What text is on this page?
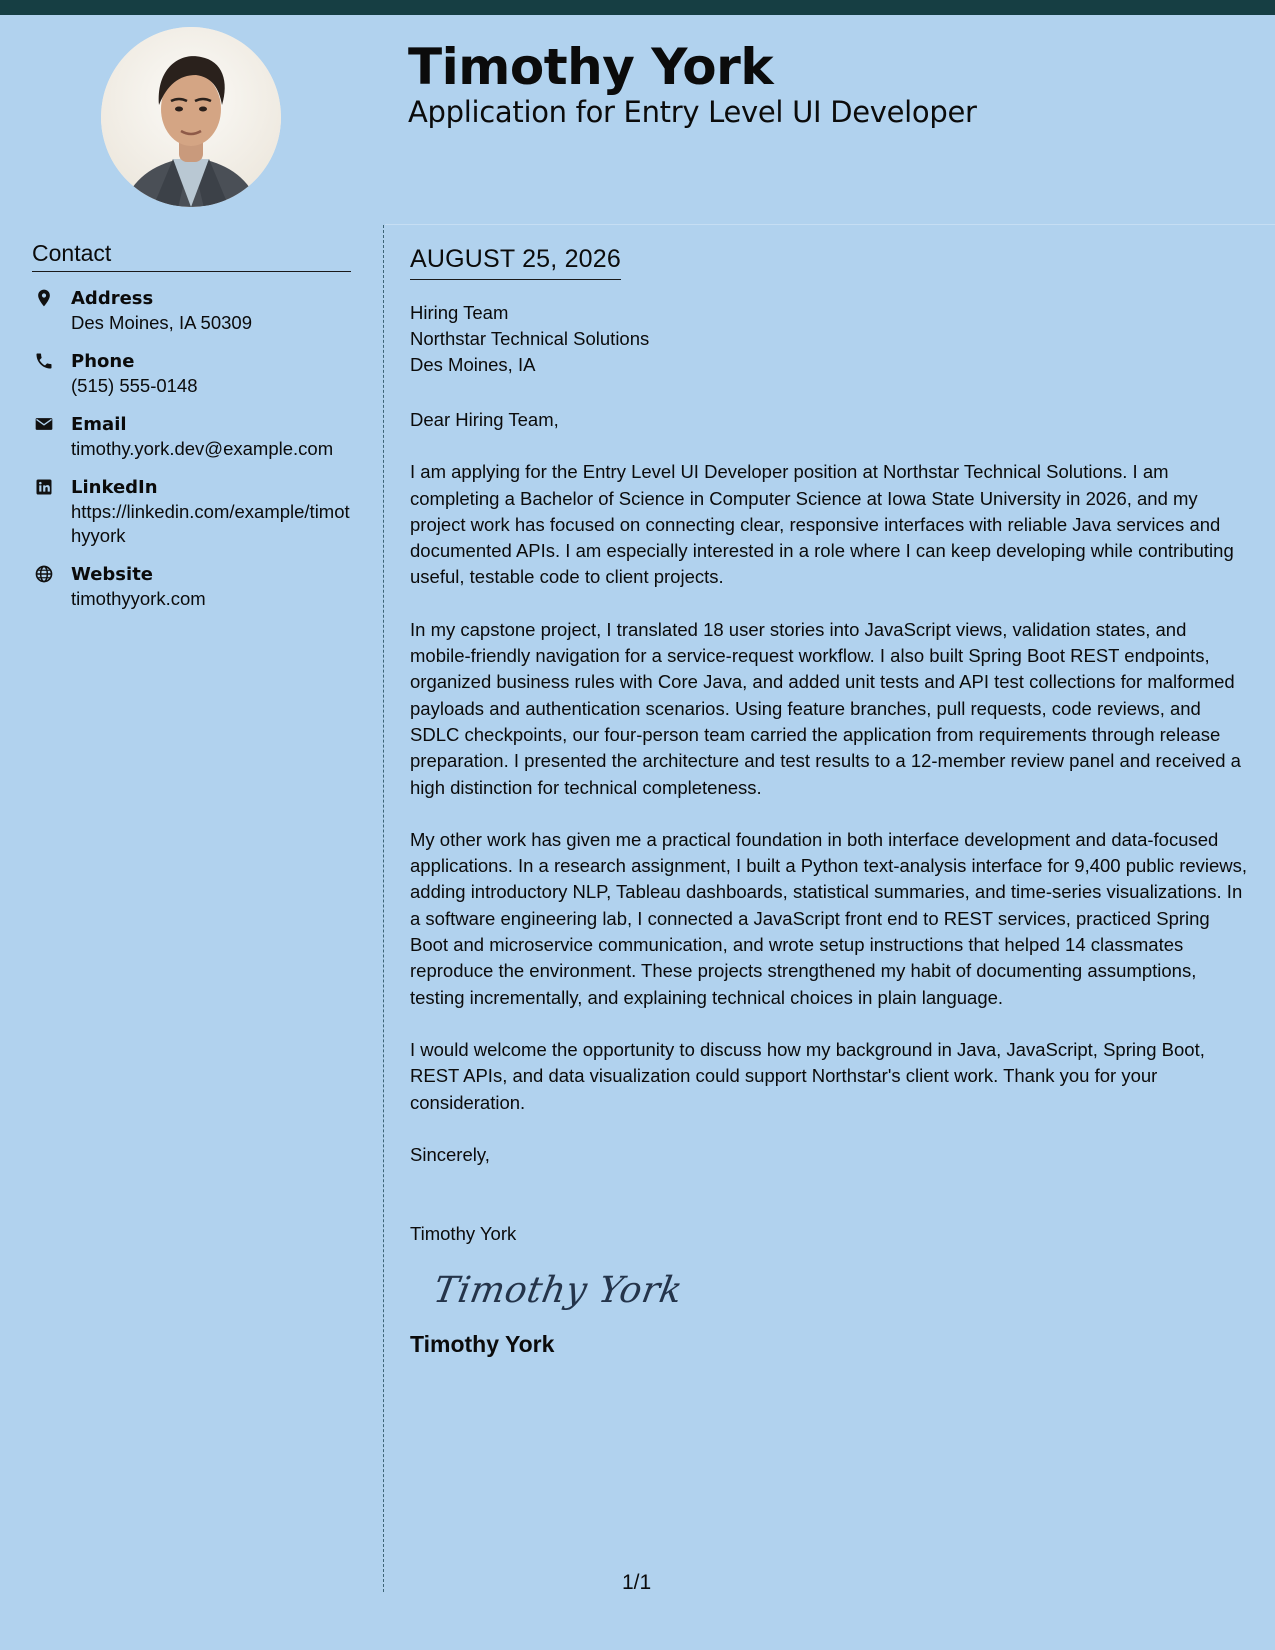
Timothy York

Application for Entry Level UI Developer

Contact
Address
Des Moines, IA 50309
Phone
(515) 555-0148
Email
timothy.york.dev@example.com
LinkedIn
https://linkedin.com/example/timothyyork
Website
timothyyork.com
AUGUST 25, 2026
Hiring Team
Northstar Technical Solutions
Des Moines, IA
Dear Hiring Team,

I am applying for the Entry Level UI Developer position at Northstar Technical Solutions. I am completing a Bachelor of Science in Computer Science at Iowa State University in 2026, and my project work has focused on connecting clear, responsive interfaces with reliable Java services and documented APIs. I am especially interested in a role where I can keep developing while contributing useful, testable code to client projects.

In my capstone project, I translated 18 user stories into JavaScript views, validation states, and mobile-friendly navigation for a service-request workflow. I also built Spring Boot REST endpoints, organized business rules with Core Java, and added unit tests and API test collections for malformed payloads and authentication scenarios. Using feature branches, pull requests, code reviews, and SDLC checkpoints, our four-person team carried the application from requirements through release preparation. I presented the architecture and test results to a 12-member review panel and received a high distinction for technical completeness.

My other work has given me a practical foundation in both interface development and data-focused applications. In a research assignment, I built a Python text-analysis interface for 9,400 public reviews, adding introductory NLP, Tableau dashboards, statistical summaries, and time-series visualizations. In a software engineering lab, I connected a JavaScript front end to REST services, practiced Spring Boot and microservice communication, and wrote setup instructions that helped 14 classmates reproduce the environment. These projects strengthened my habit of documenting assumptions, testing incrementally, and explaining technical choices in plain language.

I would welcome the opportunity to discuss how my background in Java, JavaScript, Spring Boot, REST APIs, and data visualization could support Northstar's client work. Thank you for your consideration.

Sincerely,
Timothy York
Timothy York
Timothy York
1/1
